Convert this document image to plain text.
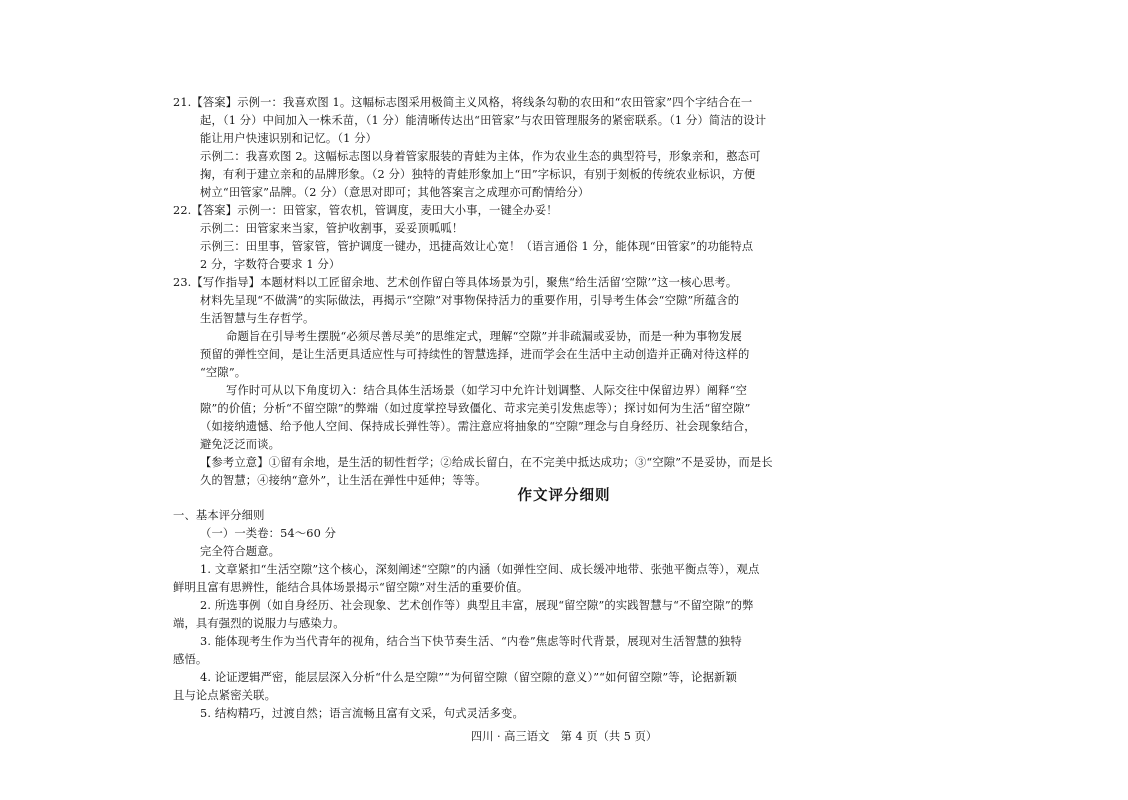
21.【答案】示例一：我喜欢图 1。这幅标志图采用极简主义风格，将线条勾勒的农田和“农田管家”四个字结合在一
起，（1 分）中间加入一株禾苗，（1 分）能清晰传达出“田管家”与农田管理服务的紧密联系。（1 分）简洁的设计
能让用户快速识别和记忆。（1 分）
示例二：我喜欢图 2。这幅标志图以身着管家服装的青蛙为主体，作为农业生态的典型符号，形象亲和，憨态可
掬，有利于建立亲和的品牌形象。（2 分）独特的青蛙形象加上“田”字标识，有别于刻板的传统农业标识，方便
树立“田管家”品牌。（2 分）（意思对即可；其他答案言之成理亦可酌情给分）
22.【答案】示例一：田管家，管农机，管调度，麦田大小事，一键全办妥！
示例二：田管家来当家，管护收割事，妥妥顶呱呱！
示例三：田里事，管家管，管护调度一键办，迅捷高效让心宽！（语言通俗 1 分，能体现“田管家”的功能特点
2 分，字数符合要求 1 分）
23.【写作指导】本题材料以工匠留余地、艺术创作留白等具体场景为引，聚焦“给生活留‘空隙’”这一核心思考。
材料先呈现“不做满”的实际做法，再揭示“空隙”对事物保持活力的重要作用，引导考生体会“空隙”所蕴含的
生活智慧与生存哲学。
命题旨在引导考生摆脱“必须尽善尽美”的思维定式，理解“空隙”并非疏漏或妥协，而是一种为事物发展
预留的弹性空间，是让生活更具适应性与可持续性的智慧选择，进而学会在生活中主动创造并正确对待这样的
“空隙”。
写作时可从以下角度切入：结合具体生活场景（如学习中允许计划调整、人际交往中保留边界）阐释“空
隙”的价值；分析“不留空隙”的弊端（如过度掌控导致僵化、苛求完美引发焦虑等）；探讨如何为生活“留空隙”
（如接纳遗憾、给予他人空间、保持成长弹性等）。需注意应将抽象的“空隙”理念与自身经历、社会现象结合，
避免泛泛而谈。
【参考立意】①留有余地，是生活的韧性哲学；②给成长留白，在不完美中抵达成功；③“空隙”不是妥协，而是长
久的智慧；④接纳“意外”，让生活在弹性中延伸；等等。
作文评分细则
一、基本评分细则
（一）一类卷：54～60 分
完全符合题意。
1. 文章紧扣“生活空隙”这个核心，深刻阐述“空隙”的内涵（如弹性空间、成长缓冲地带、张弛平衡点等），观点
鲜明且富有思辨性，能结合具体场景揭示“留空隙”对生活的重要价值。
2. 所选事例（如自身经历、社会现象、艺术创作等）典型且丰富，展现“留空隙”的实践智慧与“不留空隙”的弊
端，具有强烈的说服力与感染力。
3. 能体现考生作为当代青年的视角，结合当下快节奏生活、“内卷”焦虑等时代背景，展现对生活智慧的独特
感悟。
4. 论证逻辑严密，能层层深入分析“什么是空隙”“为何留空隙（留空隙的意义）”“如何留空隙”等，论据新颖
且与论点紧密关联。
5. 结构精巧，过渡自然；语言流畅且富有文采，句式灵活多变。
四川 · 高三语文　第 4 页（共 5 页）
